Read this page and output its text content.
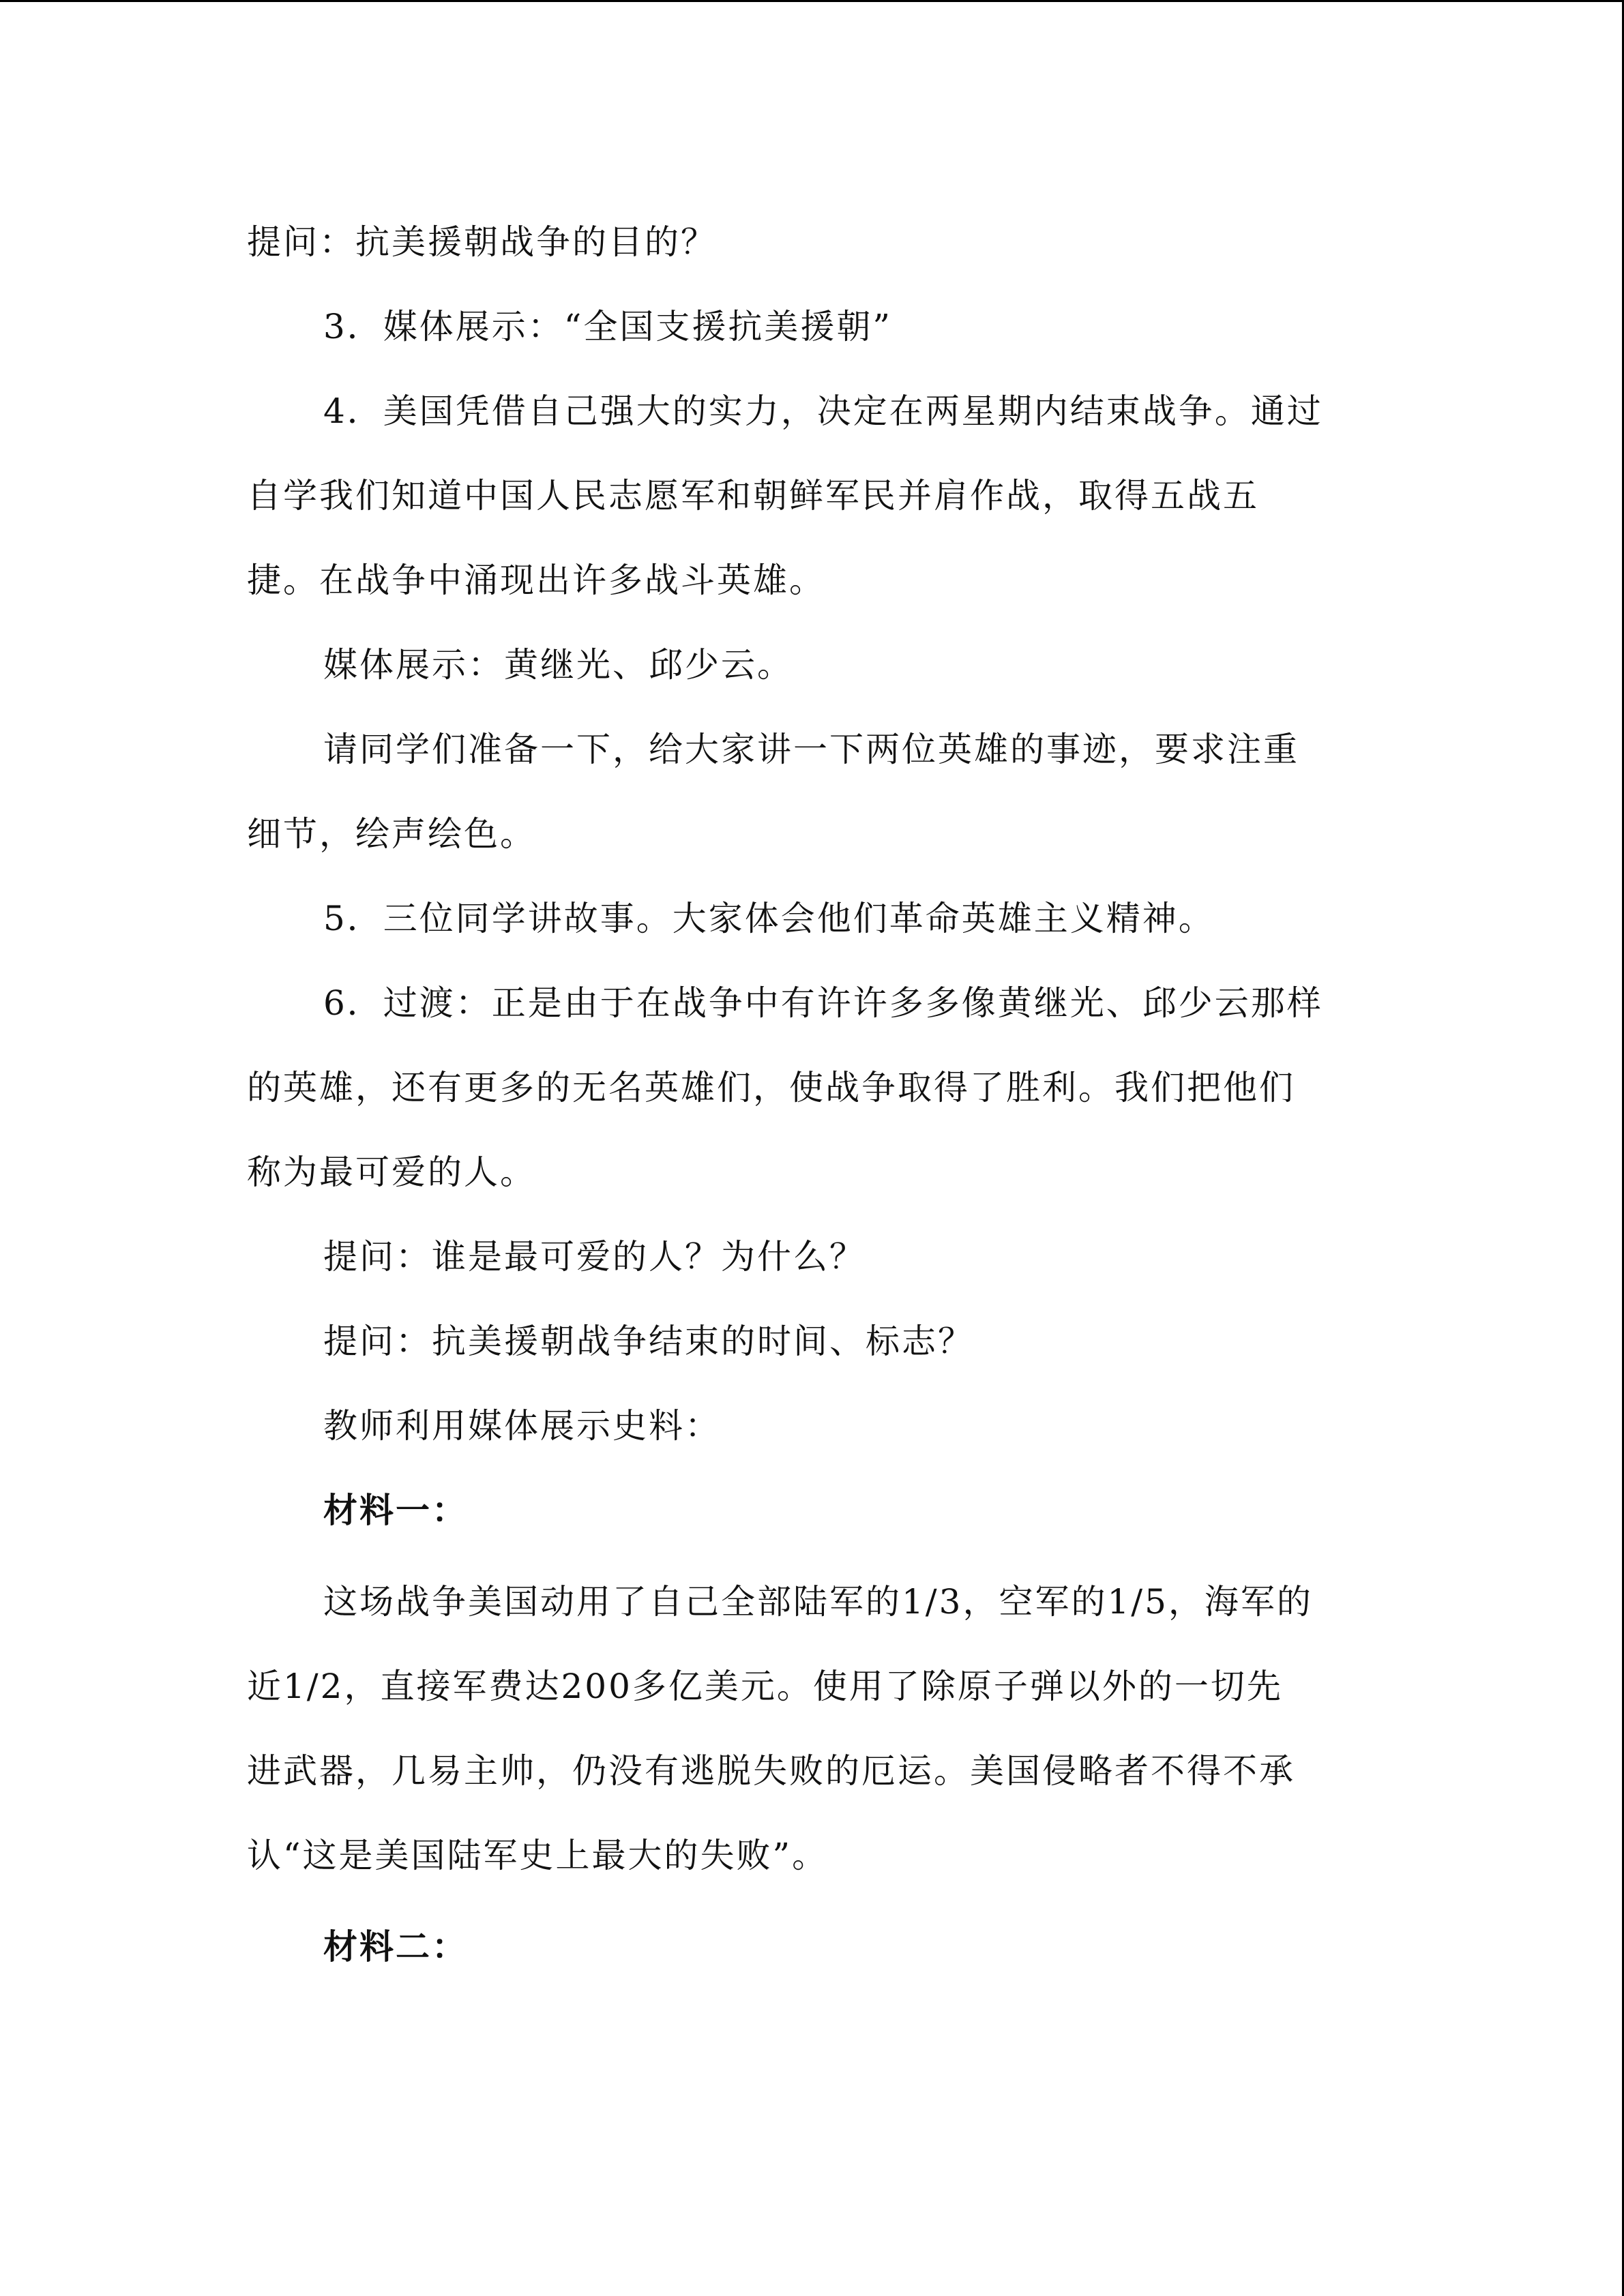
提问：抗美援朝战争的目的？
3．媒体展示：“全国支援抗美援朝”
4．美国凭借自己强大的实力，决定在两星期内结束战争。通过
自学我们知道中国人民志愿军和朝鲜军民并肩作战，取得五战五
捷。在战争中涌现出许多战斗英雄。
媒体展示：黄继光、邱少云。
请同学们准备一下，给大家讲一下两位英雄的事迹，要求注重
细节，绘声绘色。
5．三位同学讲故事。大家体会他们革命英雄主义精神。
6．过渡：正是由于在战争中有许许多多像黄继光、邱少云那样
的英雄，还有更多的无名英雄们，使战争取得了胜利。我们把他们
称为最可爱的人。
提问：谁是最可爱的人？为什么？
提问：抗美援朝战争结束的时间、标志？
教师利用媒体展示史料：
材料一：
这场战争美国动用了自己全部陆军的1/3，空军的1/5，海军的
近1/2，直接军费达200多亿美元。使用了除原子弹以外的一切先
进武器，几易主帅，仍没有逃脱失败的厄运。美国侵略者不得不承
认“这是美国陆军史上最大的失败”。
材料二：
